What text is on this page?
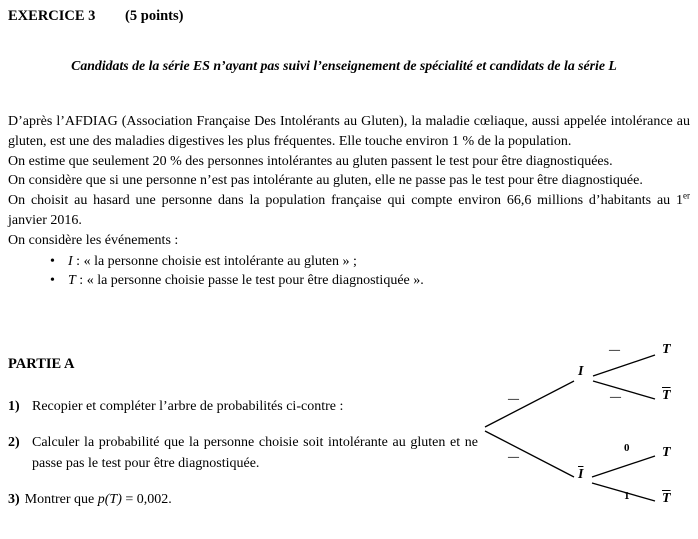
EXERCICE 3 (5 points)
Candidats de la série ES n’ayant pas suivi l’enseignement de spécialité et candidats de la série L

D’après l’AFDIAG (Association Française Des Intolérants au Gluten), la maladie cœliaque, aussi appelée intolérance au gluten, est une des maladies digestives les plus fréquentes. Elle touche environ 1 % de la population.

On estime que seulement 20 % des personnes intolérantes au gluten passent le test pour être diagnostiquées.

On considère que si une personne n’est pas intolérante au gluten, elle ne passe pas le test pour être diagnostiquée.

On choisit au hasard une personne dans la population française qui compte environ 66,6 millions d’habitants au 1er janvier 2016.

On considère les événements :

• I : « la personne choisie est intolérante au gluten » ;
• T : « la personne choisie passe le test pour être diagnostiquée ».
PARTIE A
1) Recopier et compléter l’arbre de probabilités ci-contre :
2) Calculer la probabilité que la personne choisie soit intolérante au gluten et ne passe pas le test pour être diagnostiquée.
3) Montrer que p(T) = 0,002.
I
$\overline{I}$
T
$\overline{T}$
T
$\overline{T}$
—
—
—
—
0
1
